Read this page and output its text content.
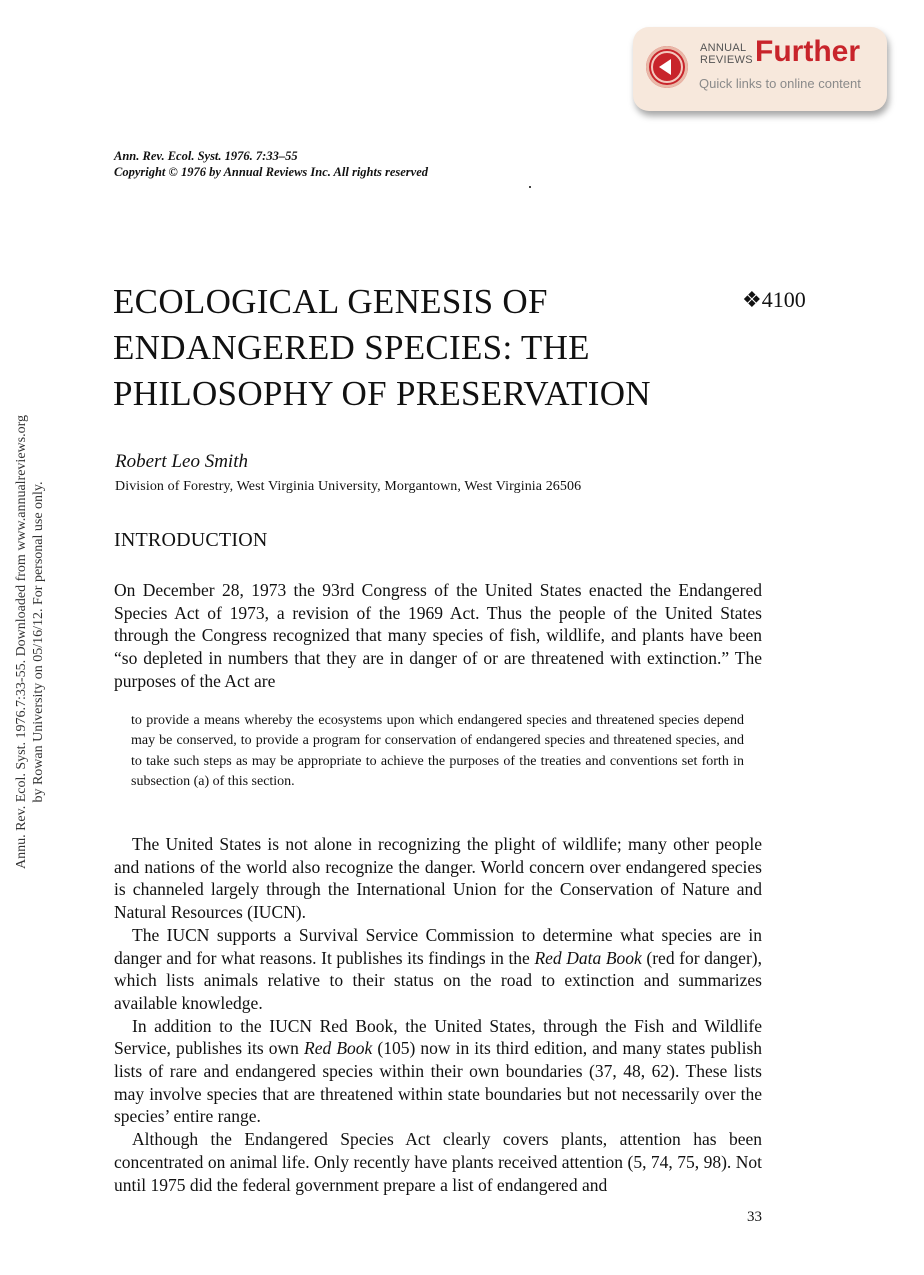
ANNUAL
REVIEWS Further
Quick links to online content
Annu. Rev. Ecol. Syst. 1976.7:33-55. Downloaded from www.annualreviews.org by Rowan University on 05/16/12. For personal use only.
Ann. Rev. Ecol. Syst. 1976. 7:33–55
Copyright © 1976 by Annual Reviews Inc. All rights reserved
ECOLOGICAL GENESIS OF
ENDANGERED SPECIES: THE
PHILOSOPHY OF PRESERVATION
❖4100
Robert Leo Smith
Division of Forestry, West Virginia University, Morgantown, West Virginia 26506
INTRODUCTION

On December 28, 1973 the 93rd Congress of the United States enacted the Endangered Species Act of 1973, a revision of the 1969 Act. Thus the people of the United States through the Congress recognized that many species of fish, wildlife, and plants have been “so depleted in numbers that they are in danger of or are threatened with extinction.” The purposes of the Act are

to provide a means whereby the ecosystems upon which endangered species and threatened species depend may be conserved, to provide a program for conservation of endangered species and threatened species, and to take such steps as may be appropriate to achieve the purposes of the treaties and conventions set forth in subsection (a) of this section.

The United States is not alone in recognizing the plight of wildlife; many other people and nations of the world also recognize the danger. World concern over endangered species is channeled largely through the International Union for the Conservation of Nature and Natural Resources (IUCN).

The IUCN supports a Survival Service Commission to determine what species are in danger and for what reasons. It publishes its findings in the Red Data Book (red for danger), which lists animals relative to their status on the road to extinction and summarizes available knowledge.

In addition to the IUCN Red Book, the United States, through the Fish and Wildlife Service, publishes its own Red Book (105) now in its third edition, and many states publish lists of rare and endangered species within their own boundaries (37, 48, 62). These lists may involve species that are threatened within state boundaries but not necessarily over the species’ entire range.

Although the Endangered Species Act clearly covers plants, attention has been concentrated on animal life. Only recently have plants received attention (5, 74, 75, 98). Not until 1975 did the federal government prepare a list of endangered and

33
